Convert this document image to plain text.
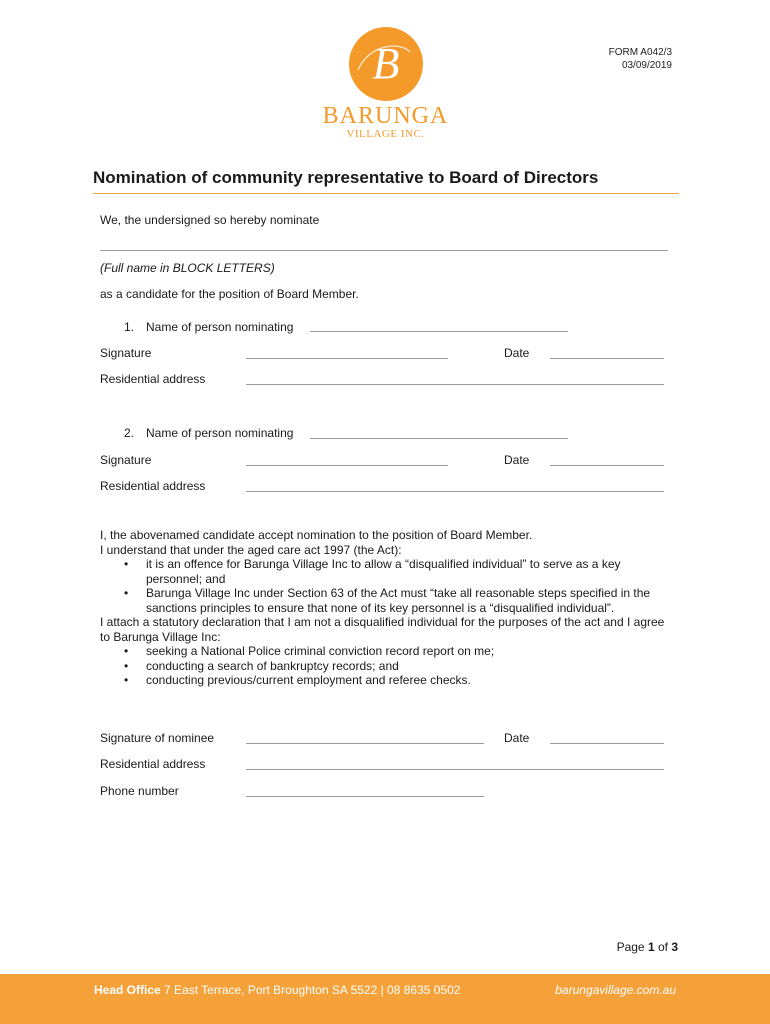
FORM A042/3
03/09/2019
B
BARUNGA
VILLAGE INC.
Nomination of community representative to Board of Directors
We, the undersigned so hereby nominate
(Full name in BLOCK LETTERS)
as a candidate for the position of Board Member.
1. Name of person nominating
Signature	Date
Residential address
2. Name of person nominating
Signature	Date
Residential address

I, the abovenamed candidate accept nomination to the position of Board Member.

I understand that under the aged care act 1997 (the Act):

• it is an offence for Barunga Village Inc to allow a “disqualified individual” to serve as a key personnel; and
• Barunga Village Inc under Section 63 of the Act must “take all reasonable steps specified in the sanctions principles to ensure that none of its key personnel is a “disqualified individual”.

I attach a statutory declaration that I am not a disqualified individual for the purposes of the act and I agree to Barunga Village Inc:

• seeking a National Police criminal conviction record report on me;
• conducting a search of bankruptcy records; and
• conducting previous/current employment and referee checks.
Signature of nominee	Date
Residential address
Phone number
Page 1 of 3
Head Office 7 East Terrace, Port Broughton SA 5522 | 08 8635 0502	barungavillage.com.au
